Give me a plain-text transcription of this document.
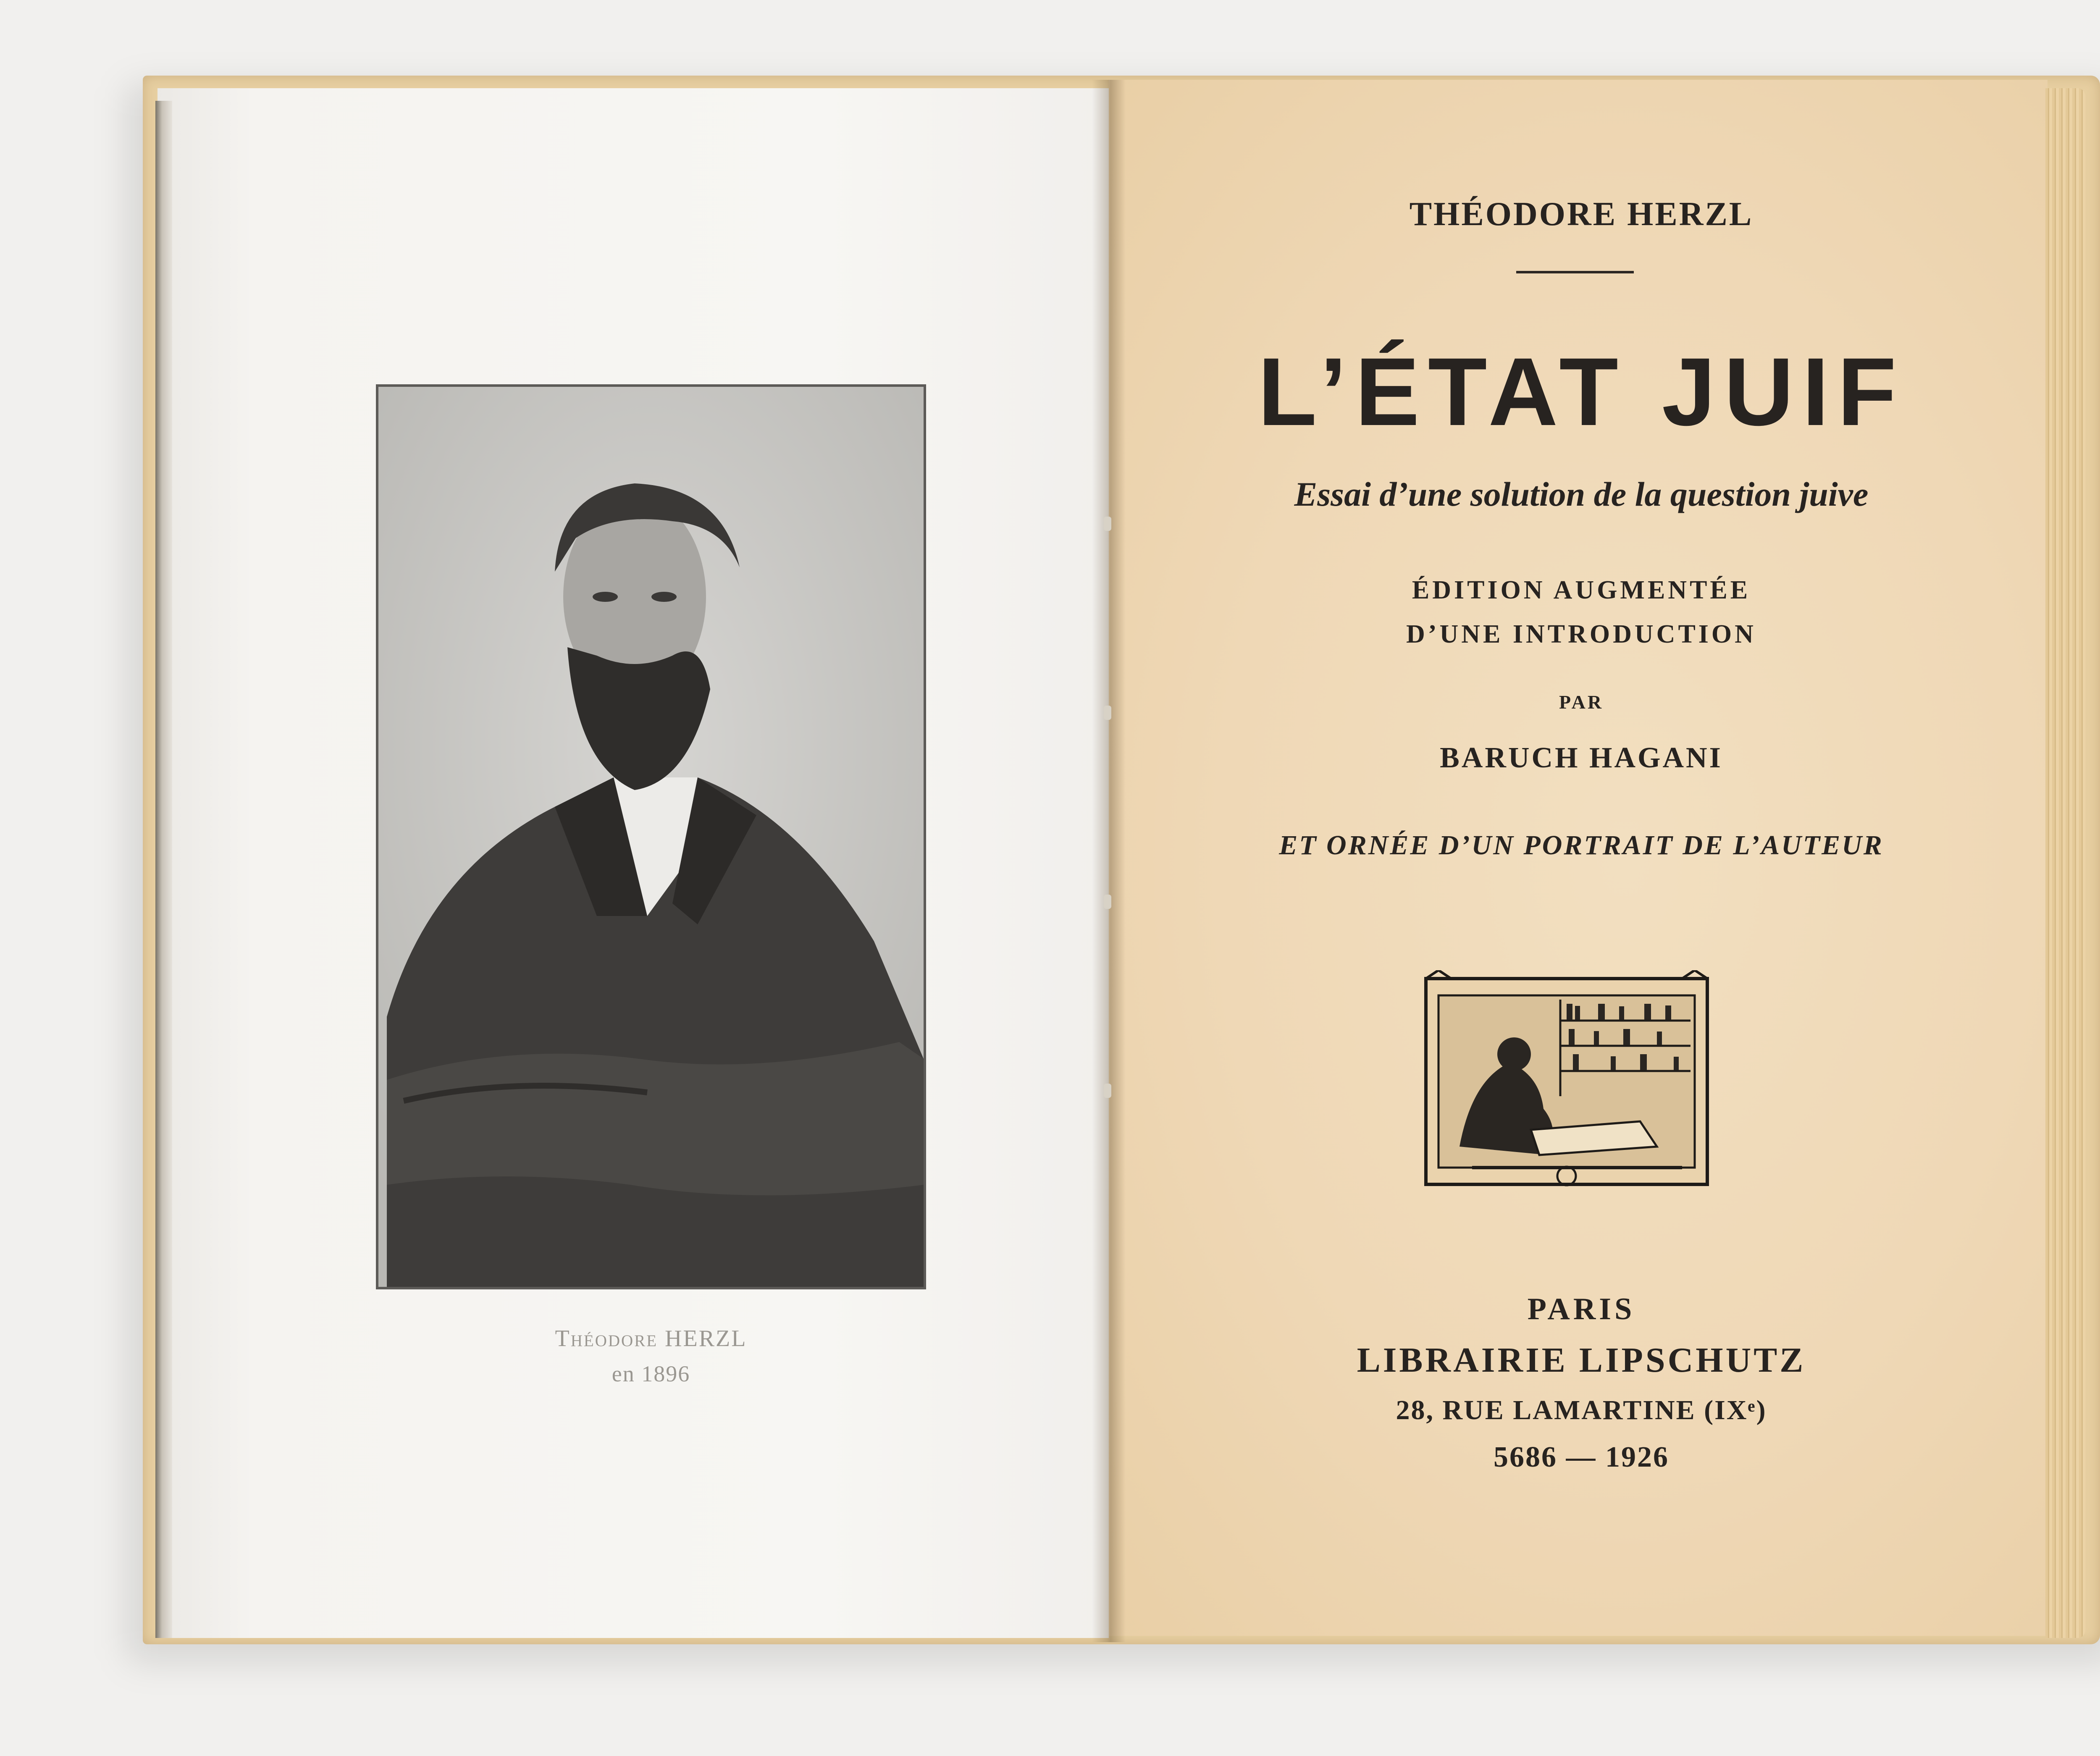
Théodore HERZL
en 1896
THÉODORE HERZL
L’ÉTAT JUIF
Essai d’une solution de la question juive
ÉDITION AUGMENTÉE
D’UNE INTRODUCTION
PAR
BARUCH HAGANI
ET ORNÉE D’UN PORTRAIT DE L’AUTEUR
PARIS
LIBRAIRIE LIPSCHUTZ
28, RUE LAMARTINE (IXᵉ)
5686 — 1926
